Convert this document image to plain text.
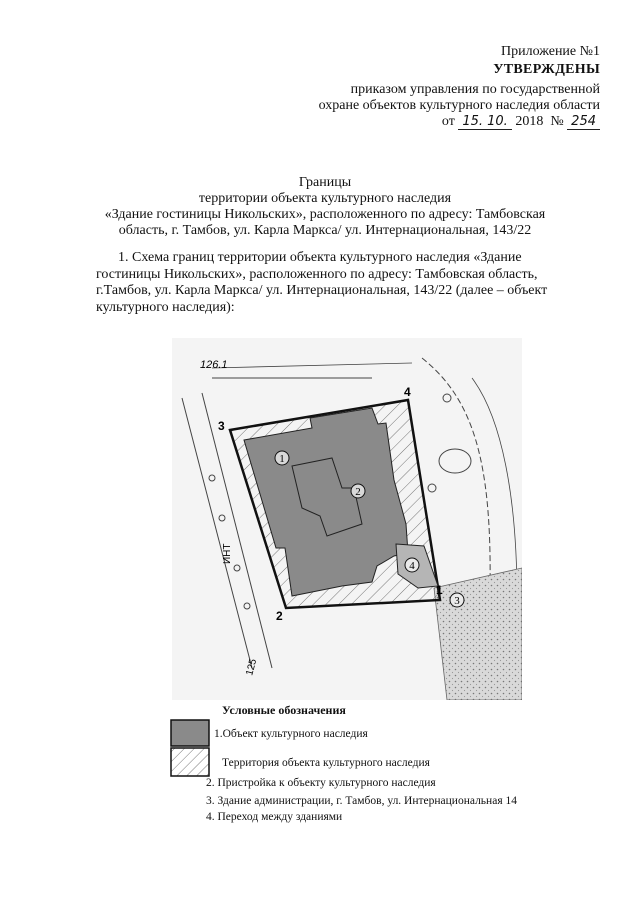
Приложение №1
УТВЕРЖДЕНЫ
приказом управления по государственной
охране объектов культурного наследия области
от 15. 10. 2018 № 254
Границы
территории объекта культурного наследия
«Здание гостиницы Никольских», расположенного по адресу: Тамбовская
область, г. Тамбов, ул. Карла Маркса/ ул. Интернациональная, 143/22
1. Схема границ территории объекта культурного наследия «Здание
гостиницы Никольских», расположенного по адресу: Тамбовская область,
г.Тамбов, ул. Карла Маркса/ ул. Интернациональная, 143/22 (далее – объект
культурного наследия):
1
2
3
4
3
4
2
1
126.1
ИНТ
125
Условные обозначения
1.Объект культурного наследия
Территория объекта культурного наследия
2. Пристройка к объекту культурного наследия
3. Здание администрации, г. Тамбов, ул. Интернациональная 14
4. Переход между зданиями
